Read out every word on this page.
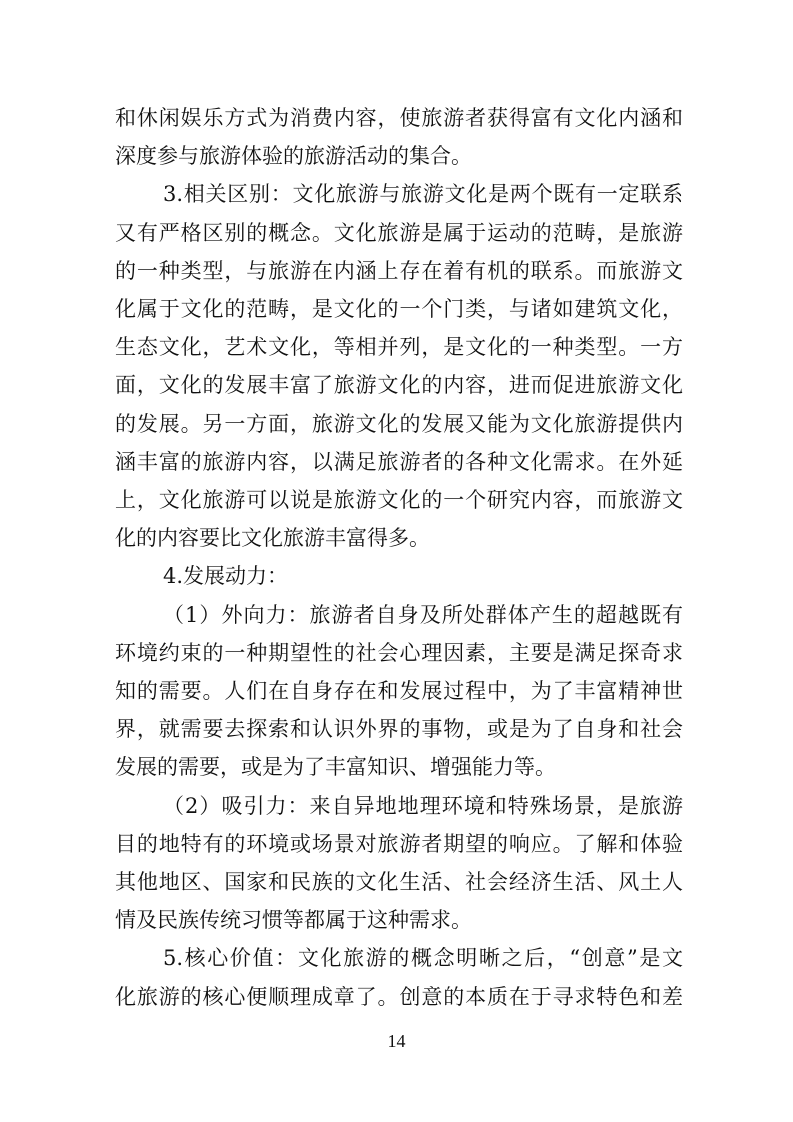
和休闲娱乐方式为消费内容，使旅游者获得富有文化内涵和
深度参与旅游体验的旅游活动的集合。
3.相关区别：文化旅游与旅游文化是两个既有一定联系
又有严格区别的概念。文化旅游是属于运动的范畴，是旅游
的一种类型，与旅游在内涵上存在着有机的联系。而旅游文
化属于文化的范畴，是文化的一个门类，与诸如建筑文化，
生态文化，艺术文化，等相并列，是文化的一种类型。一方
面，文化的发展丰富了旅游文化的内容，进而促进旅游文化
的发展。另一方面，旅游文化的发展又能为文化旅游提供内
涵丰富的旅游内容，以满足旅游者的各种文化需求。在外延
上，文化旅游可以说是旅游文化的一个研究内容，而旅游文
化的内容要比文化旅游丰富得多。
4.发展动力：
（1）外向力：旅游者自身及所处群体产生的超越既有
环境约束的一种期望性的社会心理因素，主要是满足探奇求
知的需要。人们在自身存在和发展过程中，为了丰富精神世
界，就需要去探索和认识外界的事物，或是为了自身和社会
发展的需要，或是为了丰富知识、增强能力等。
（2）吸引力：来自异地地理环境和特殊场景，是旅游
目的地特有的环境或场景对旅游者期望的响应。了解和体验
其他地区、国家和民族的文化生活、社会经济生活、风土人
情及民族传统习惯等都属于这种需求。
5.核心价值：文化旅游的概念明晰之后，“创意”是文
化旅游的核心便顺理成章了。创意的本质在于寻求特色和差
14
